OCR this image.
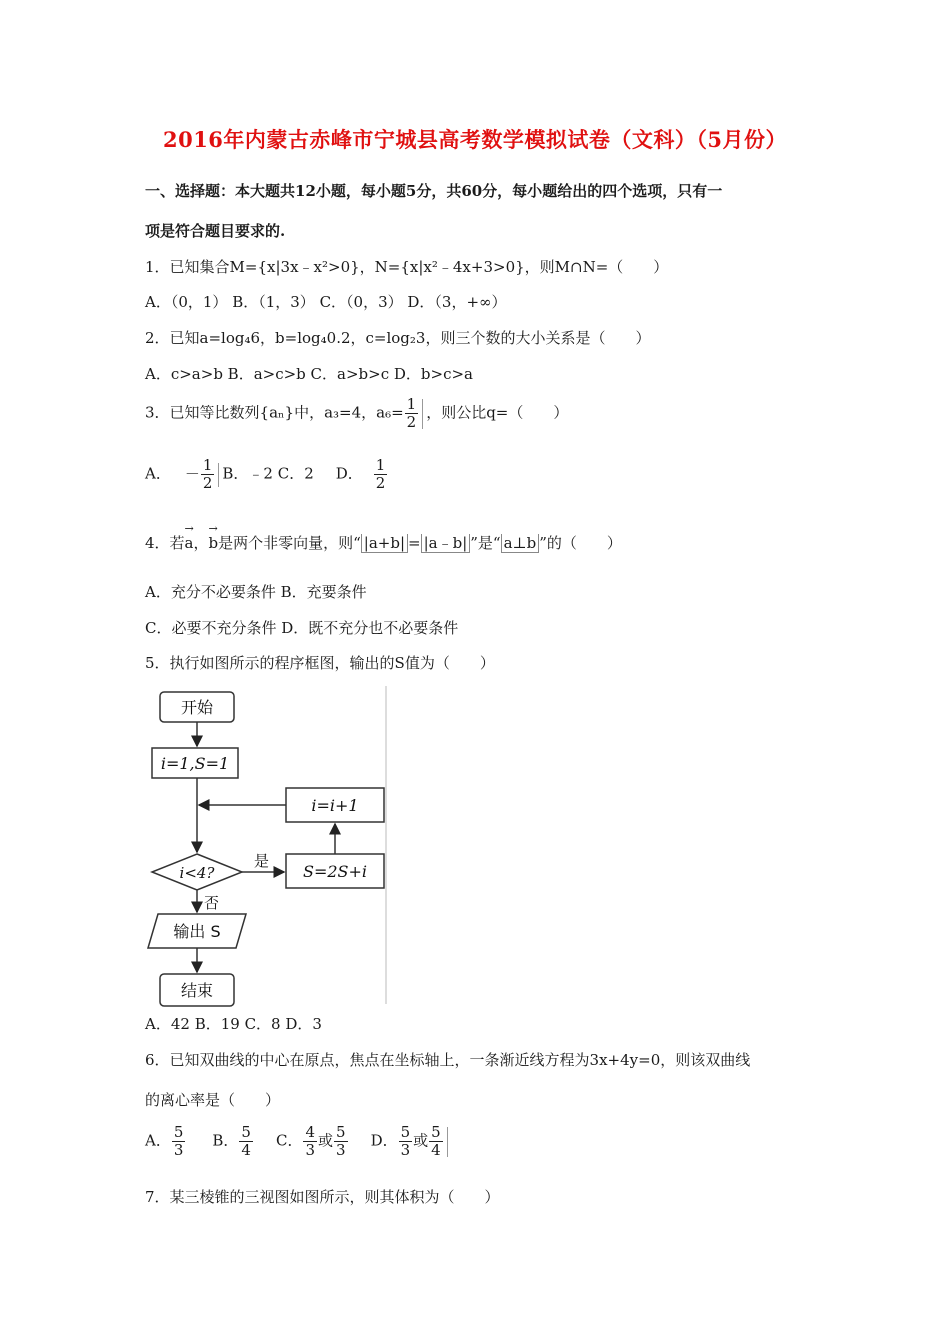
2016年内蒙古赤峰市宁城县高考数学模拟试卷（文科）（5月份）
一、选择题：本大题共12小题，每小题5分，共60分，每小题给出的四个选项，只有一
项是符合题目要求的.
1．已知集合M={x|3x﹣x²>0}，N={x|x²﹣4x+3>0}，则M∩N=（　　）
A．（0，1） B．（1，3） C．（0，3） D．（3，+∞）
2．已知a=log₄6，b=log₄0.2，c=log₂3，则三个数的大小关系是（　　）
A．c>a>b B．a>c>b C．a>b>c D．b>c>a
3．已知等比数列{aₙ}中，a₃=4，$a_6= \frac{1}{2}$ ，则公比q=（　　）
A． － $\frac{1}{2}$ B．﹣2 C．2 D． $\frac{1}{2}$
4．若→ a，→ b是两个非零向量，则“ |a+b| = |a﹣b| ”是“ a⊥b ”的（　　）
A．充分不必要条件 B．充要条件
C．必要不充分条件 D．既不充分也不必要条件
5．执行如图所示的程序框图，输出的S值为（　　）
开始
i=1,S=1
i<4?
是
否
S=2S+i
i=i+1
输出 S
结束
A．42 B．19 C．8 D．3
6．已知双曲线的中心在原点，焦点在坐标轴上，一条渐近线方程为3x+4y=0，则该双曲线
的离心率是（　　）
A． $\frac{5}{3}$ B． $\frac{5}{4}$ C． $\frac{4}{3}$ 或 $\frac{5}{3}$ D． $\frac{5}{3}$ 或 $\frac{5}{4}$
7．某三棱锥的三视图如图所示，则其体积为（　　）
